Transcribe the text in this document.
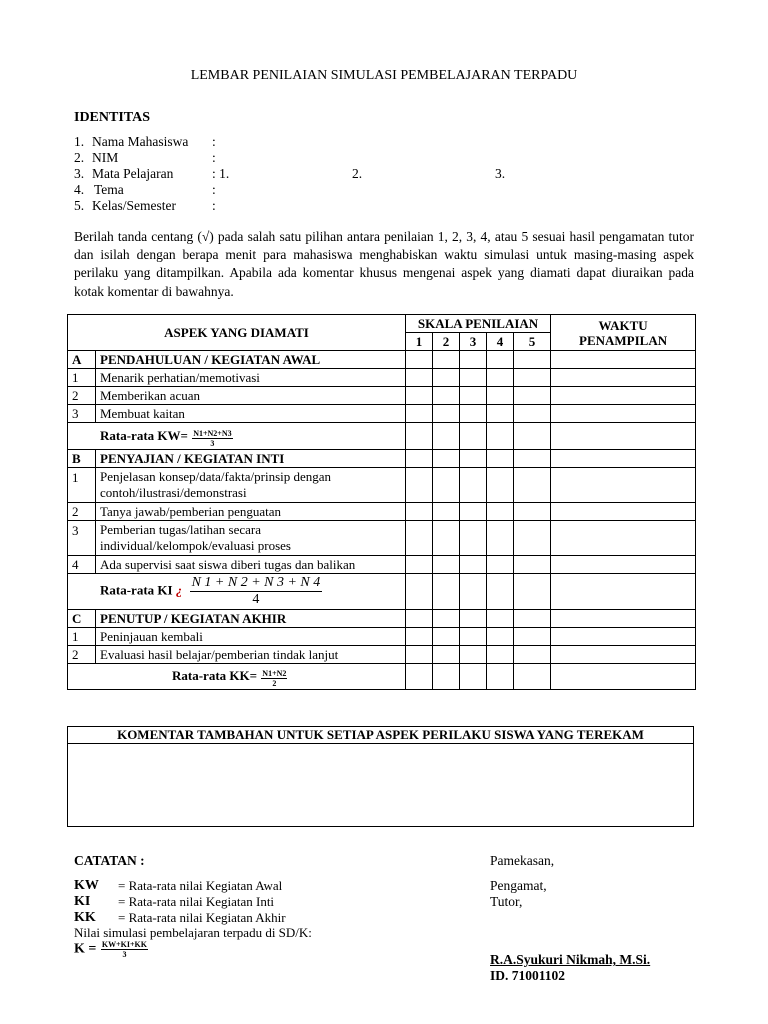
LEMBAR PENILAIAN SIMULASI PEMBELAJARAN TERPADU
IDENTITAS
1. Nama Mahasiswa :
2. NIM	:
3. Mata Pelajaran	: 1.	2.	3.
4. Tema	:
5. Kelas/Semester	:
Berilah tanda centang (√) pada salah satu pilihan antara penilaian 1, 2, 3, 4, atau 5 sesuai hasil pengamatan tutor dan isilah dengan berapa menit para mahasiswa menghabiskan waktu simulasi untuk masing-masing aspek perilaku yang ditampilkan. Apabila ada komentar khusus mengenai aspek yang diamati dapat diuraikan pada kotak komentar di bawahnya.
ASPEK YANG DIAMATI		SKALA PENILAIAN					WAKTU
PENAMPILAN

		1	2	3	4	5	
A	PENDAHULUAN / KEGIATAN AWAL						
1	Menarik perhatian/memotivasi						
2	Memberikan acuan						
3	Membuat kaitan						
Rata-rata $KW= \frac{N1+N2+N3}{3}$

B	PENYAJIAN / KEGIATAN INTI						
1	Penjelasan konsep/data/fakta/prinsip dengan
contoh/ilustrasi/demonstrasi						

2	Tanya jawab/pemberian penguatan						
3	Pemberian tugas/latihan secara
individual/kelompok/evaluasi proses						

4	Ada supervisi saat siswa diberi tugas dan balikan						
Rata-rata KI ¿ $\frac{N 1 + N 2 + N 3 + N 4}{4}$

C	PENUTUP / KEGIATAN AKHIR						
1	Peninjauan kembali						
2	Evaluasi hasil belajar/pemberian tindak lanjut						
Rata-rata $KK= \frac{N1+N2}{2}$

KOMENTAR TAMBAHAN UNTUK SETIAP ASPEK PERILAKU SISWA YANG TEREKAM
CATATAN :
KW = Rata-rata nilai Kegiatan Awal
KI = Rata-rata nilai Kegiatan Inti
KK = Rata-rata nilai Kegiatan Akhir
Nilai simulasi pembelajaran terpadu di SD/K:
$K = \frac{KW+KI+KK}{3}$
Pamekasan,
Pengamat,
Tutor,
R.A.Syukuri Nikmah, M.Si.
ID. 71001102
